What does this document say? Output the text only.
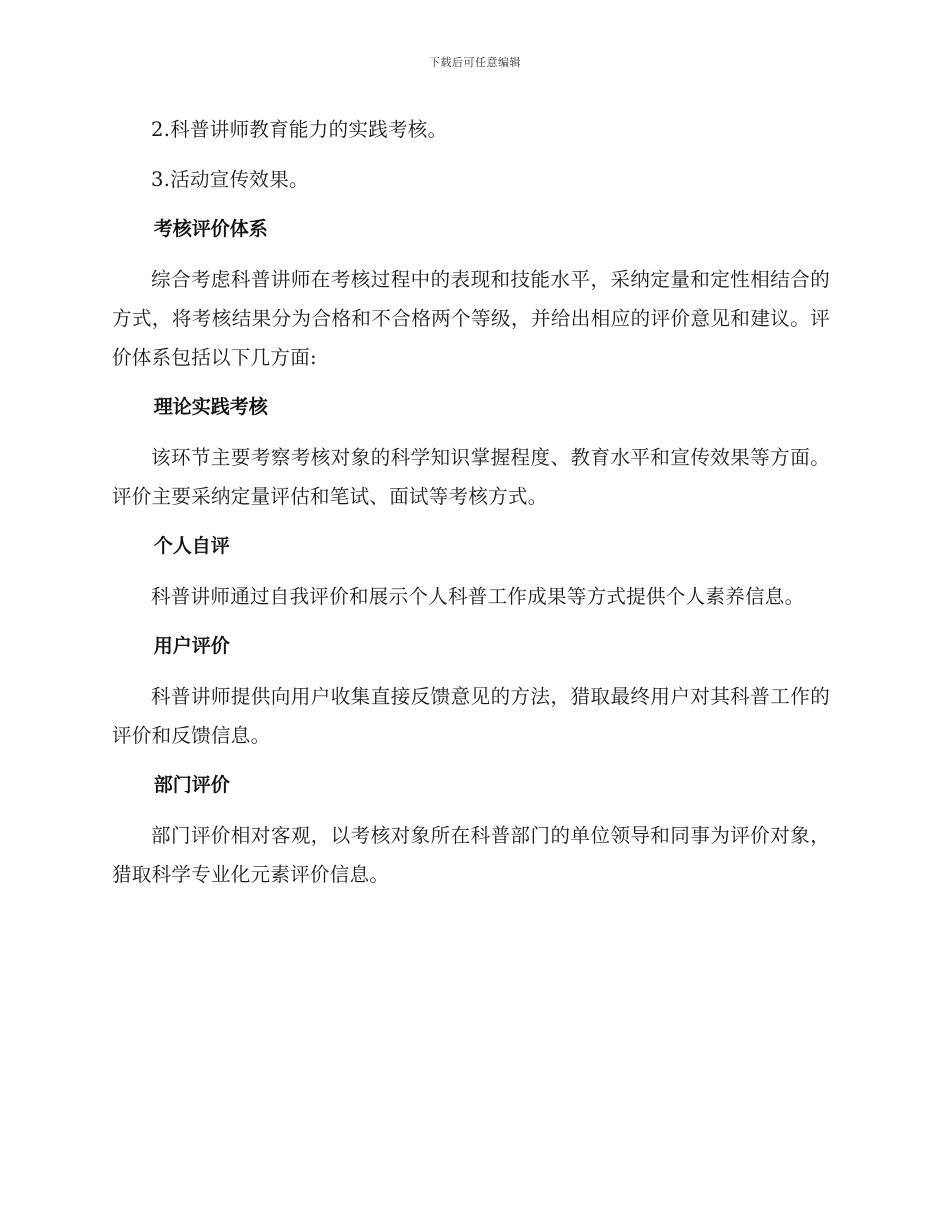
下载后可任意编辑

2.科普讲师教育能力的实践考核。

3.活动宣传效果。

考核评价体系

综合考虑科普讲师在考核过程中的表现和技能水平，采纳定量和定性相结合的方式，将考核结果分为合格和不合格两个等级，并给出相应的评价意见和建议。评价体系包括以下几方面:

理论实践考核

该环节主要考察考核对象的科学知识掌握程度、教育水平和宣传效果等方面。评价主要采纳定量评估和笔试、面试等考核方式。

个人自评

科普讲师通过自我评价和展示个人科普工作成果等方式提供个人素养信息。

用户评价

科普讲师提供向用户收集直接反馈意见的方法，猎取最终用户对其科普工作的评价和反馈信息。

部门评价

部门评价相对客观，以考核对象所在科普部门的单位领导和同事为评价对象，猎取科学专业化元素评价信息。
